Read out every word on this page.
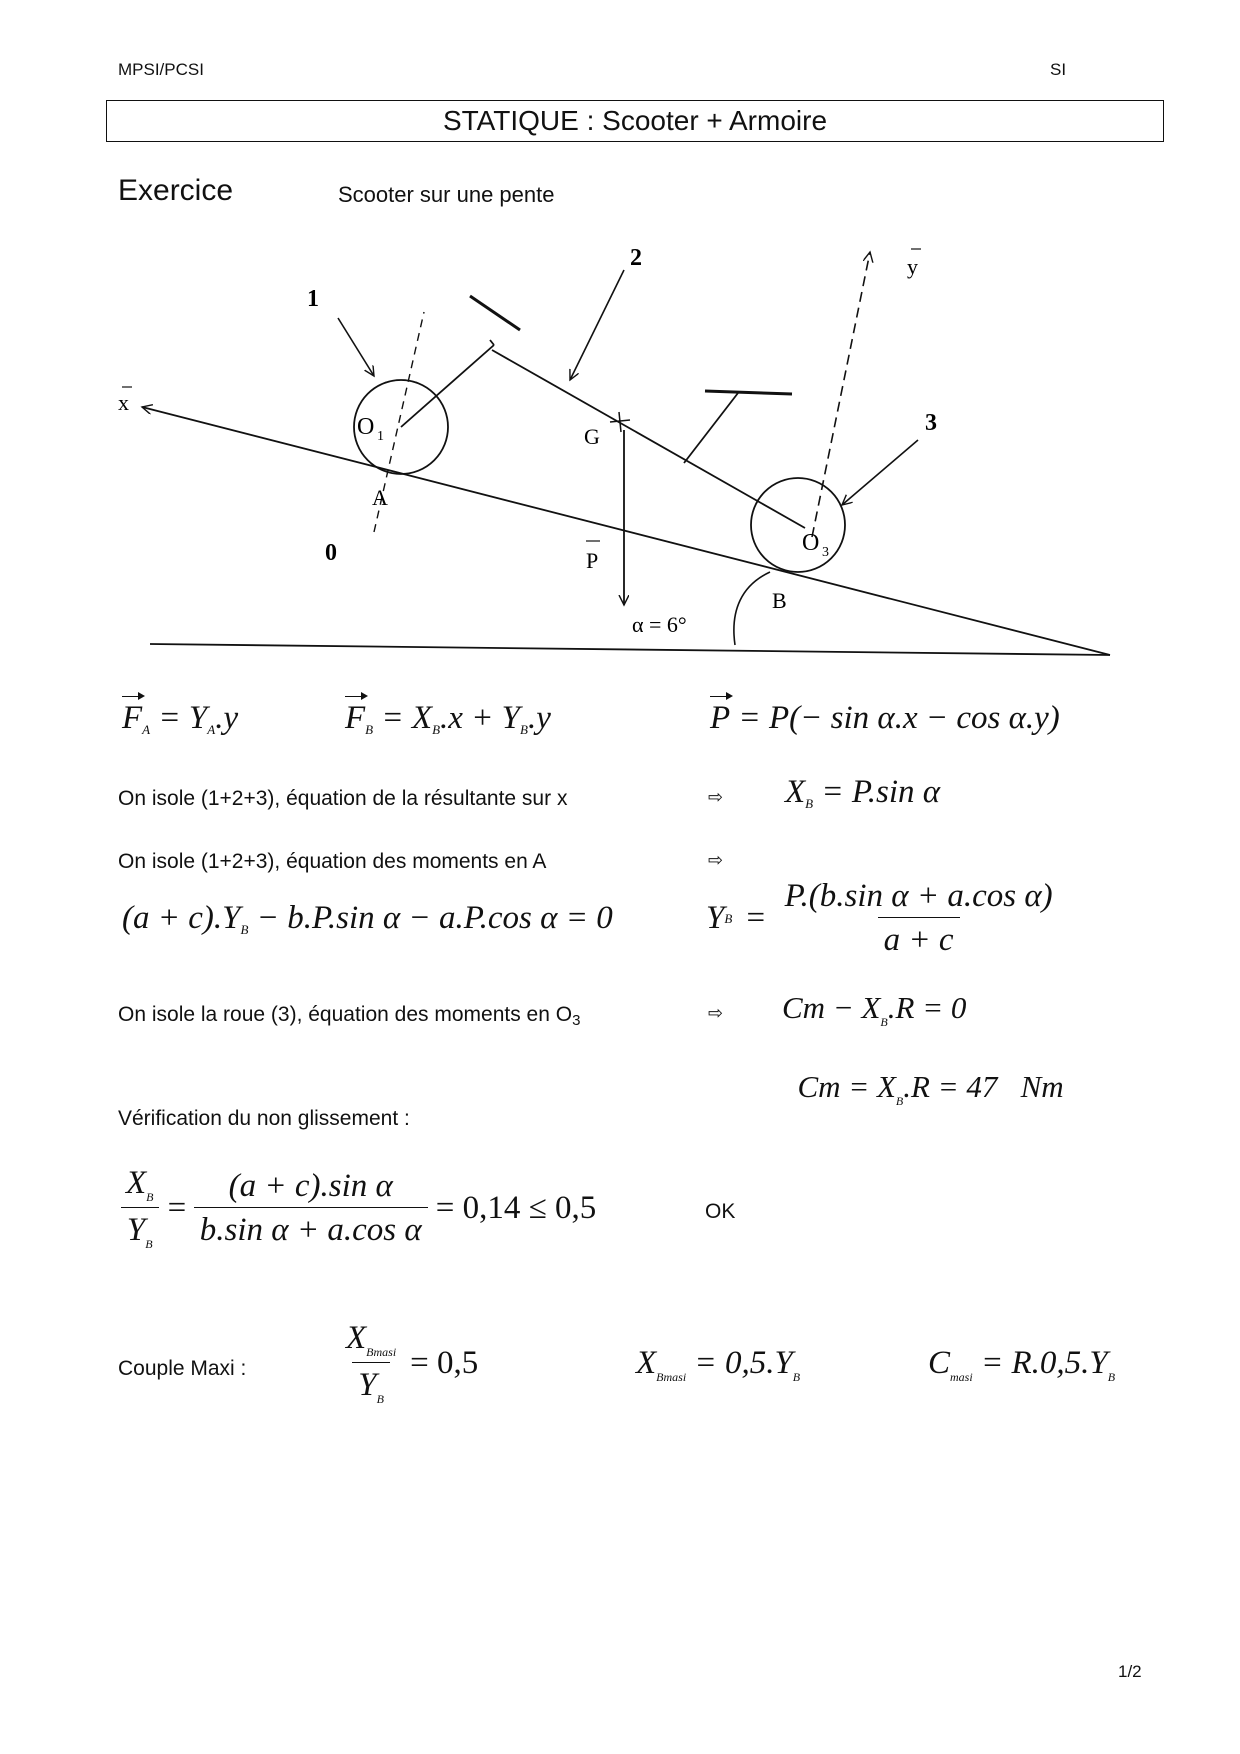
MPSI/PCSI	SI
STATIQUE : Scooter + Armoire
Exercice	Scooter sur une pente
x
y
1
2
3
0
O 1
O 3
G
A
B
P
α = 6°
FA = YA.y	FB = XB.x + YB.y	P = P(− sin α.x − cos α.y)
On isole (1+2+3), équation de la résultante sur x	⇨ XB = P.sin α
On isole (1+2+3), équation des moments en A	⇨
(a + c).YB − b.P.sin α − a.P.cos α = 0	Y $B = \frac{\text{P.(b.sin α + a.cos α)}}{a + c}$
On isole la roue (3), équation des moments en $O_3$	⇨ $Cm - X_B.R = 0$

$Cm = X_B.R = 47$   Nm

Vérification du non glissement :
$\frac{X_B}{Y_B} = \frac{\text{(a + c).sin α}}{\text{b.sin α + a.cos α}} = 0,14 \le 0,5$	OK
Couple Maxi :	$\frac{X_{Bmasi}}{Y_B} = 0,5$	$X_{Bmasi} = 0,5.Y_B$	$C_{masi} = R.0,5.Y_B$
1/2
